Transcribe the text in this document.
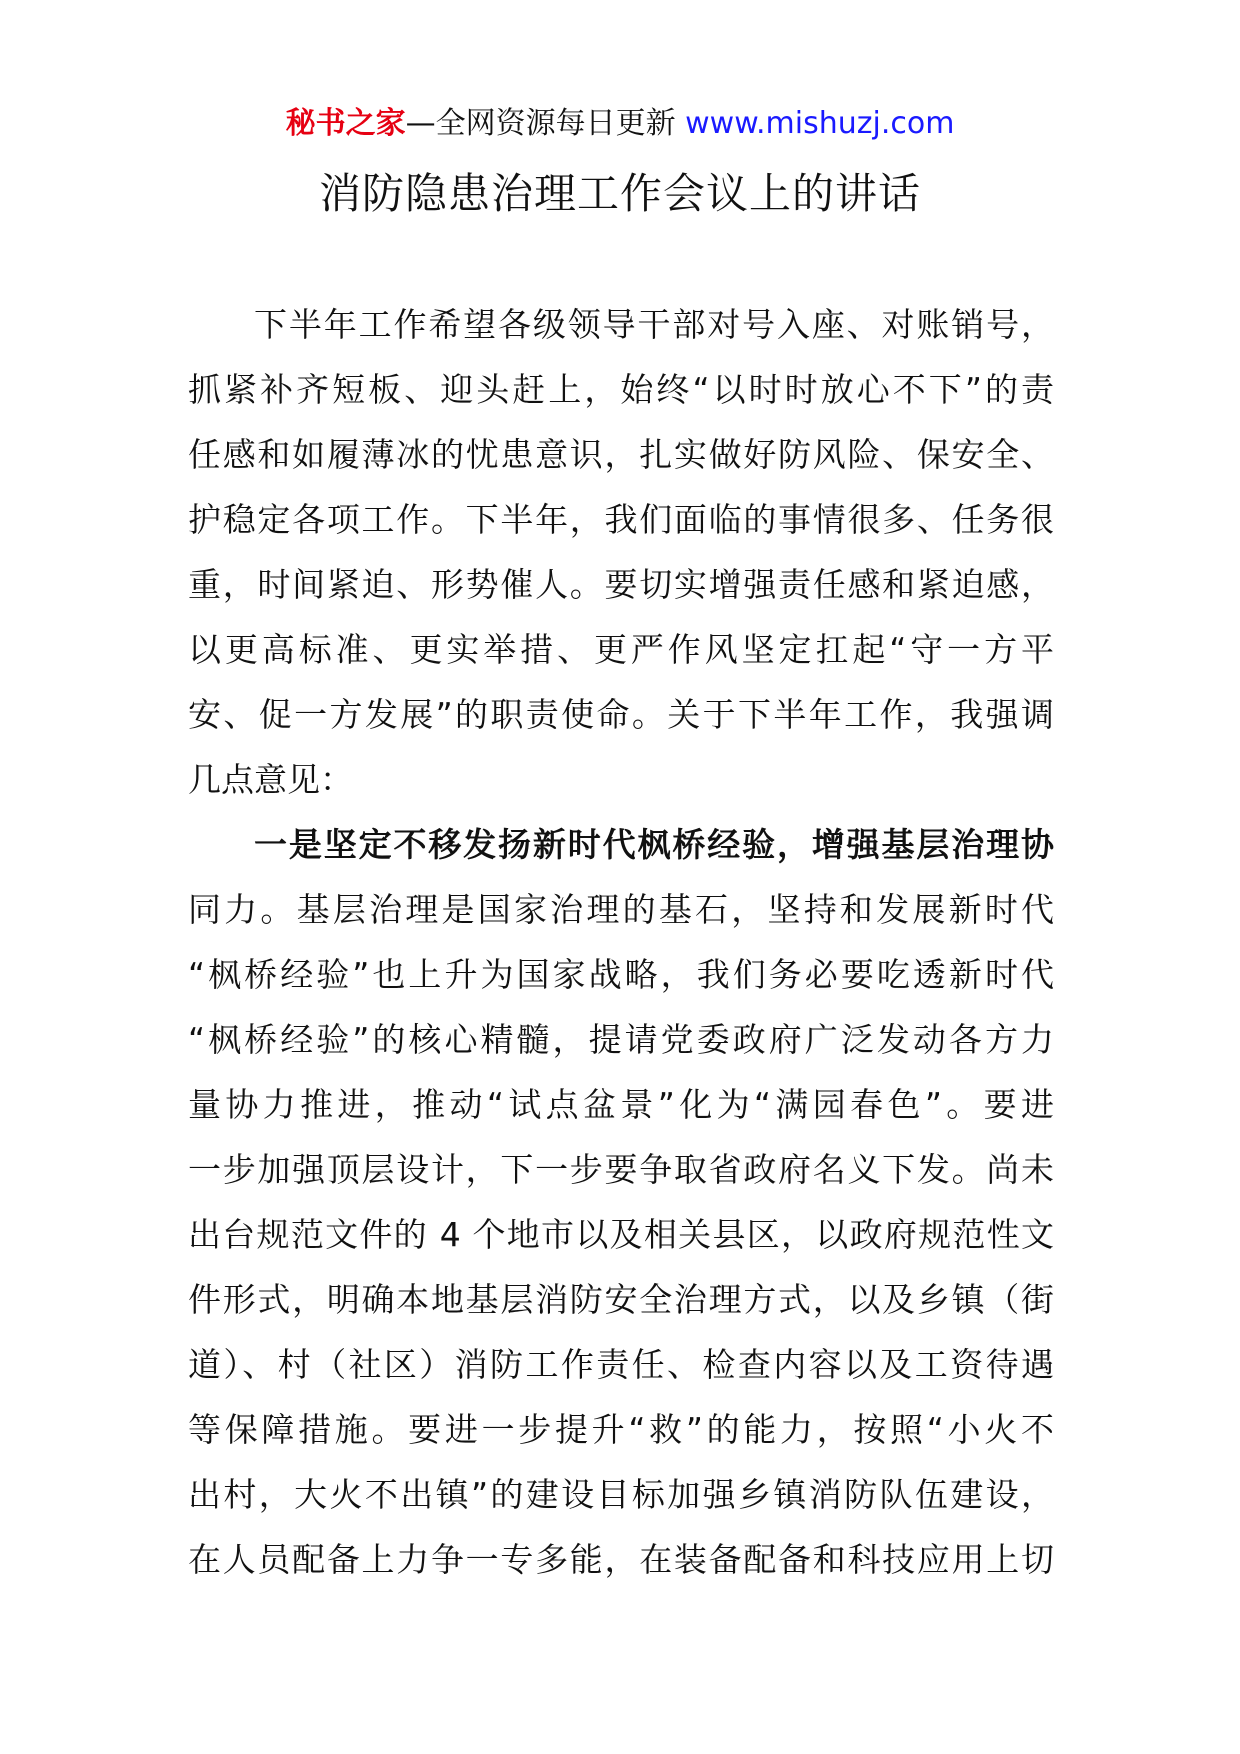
秘书之家—全网资源每日更新 www.mishuzj.com
消防隐患治理工作会议上的讲话
下半年工作希望各级领导干部对号入座、对账销号，
抓紧补齐短板、迎头赶上，始终“以时时放心不下”的责
任感和如履薄冰的忧患意识，扎实做好防风险、保安全、
护稳定各项工作。下半年，我们面临的事情很多、任务很
重，时间紧迫、形势催人。要切实增强责任感和紧迫感，
以更高标准、更实举措、更严作风坚定扛起“守一方平
安、促一方发展”的职责使命。关于下半年工作，我强调
几点意见：
一是坚定不移发扬新时代枫桥经验，增强基层治理协
同力。基层治理是国家治理的基石，坚持和发展新时代
“枫桥经验”也上升为国家战略，我们务必要吃透新时代
“枫桥经验”的核心精髓，提请党委政府广泛发动各方力
量协力推进，推动“试点盆景”化为“满园春色”。要进
一步加强顶层设计，下一步要争取省政府名义下发。尚未
出台规范文件的 4 个地市以及相关县区，以政府规范性文
件形式，明确本地基层消防安全治理方式，以及乡镇（街
道）、村（社区）消防工作责任、检查内容以及工资待遇
等保障措施。要进一步提升“救”的能力，按照“小火不
出村，大火不出镇”的建设目标加强乡镇消防队伍建设，
在人员配备上力争一专多能，在装备配备和科技应用上切
